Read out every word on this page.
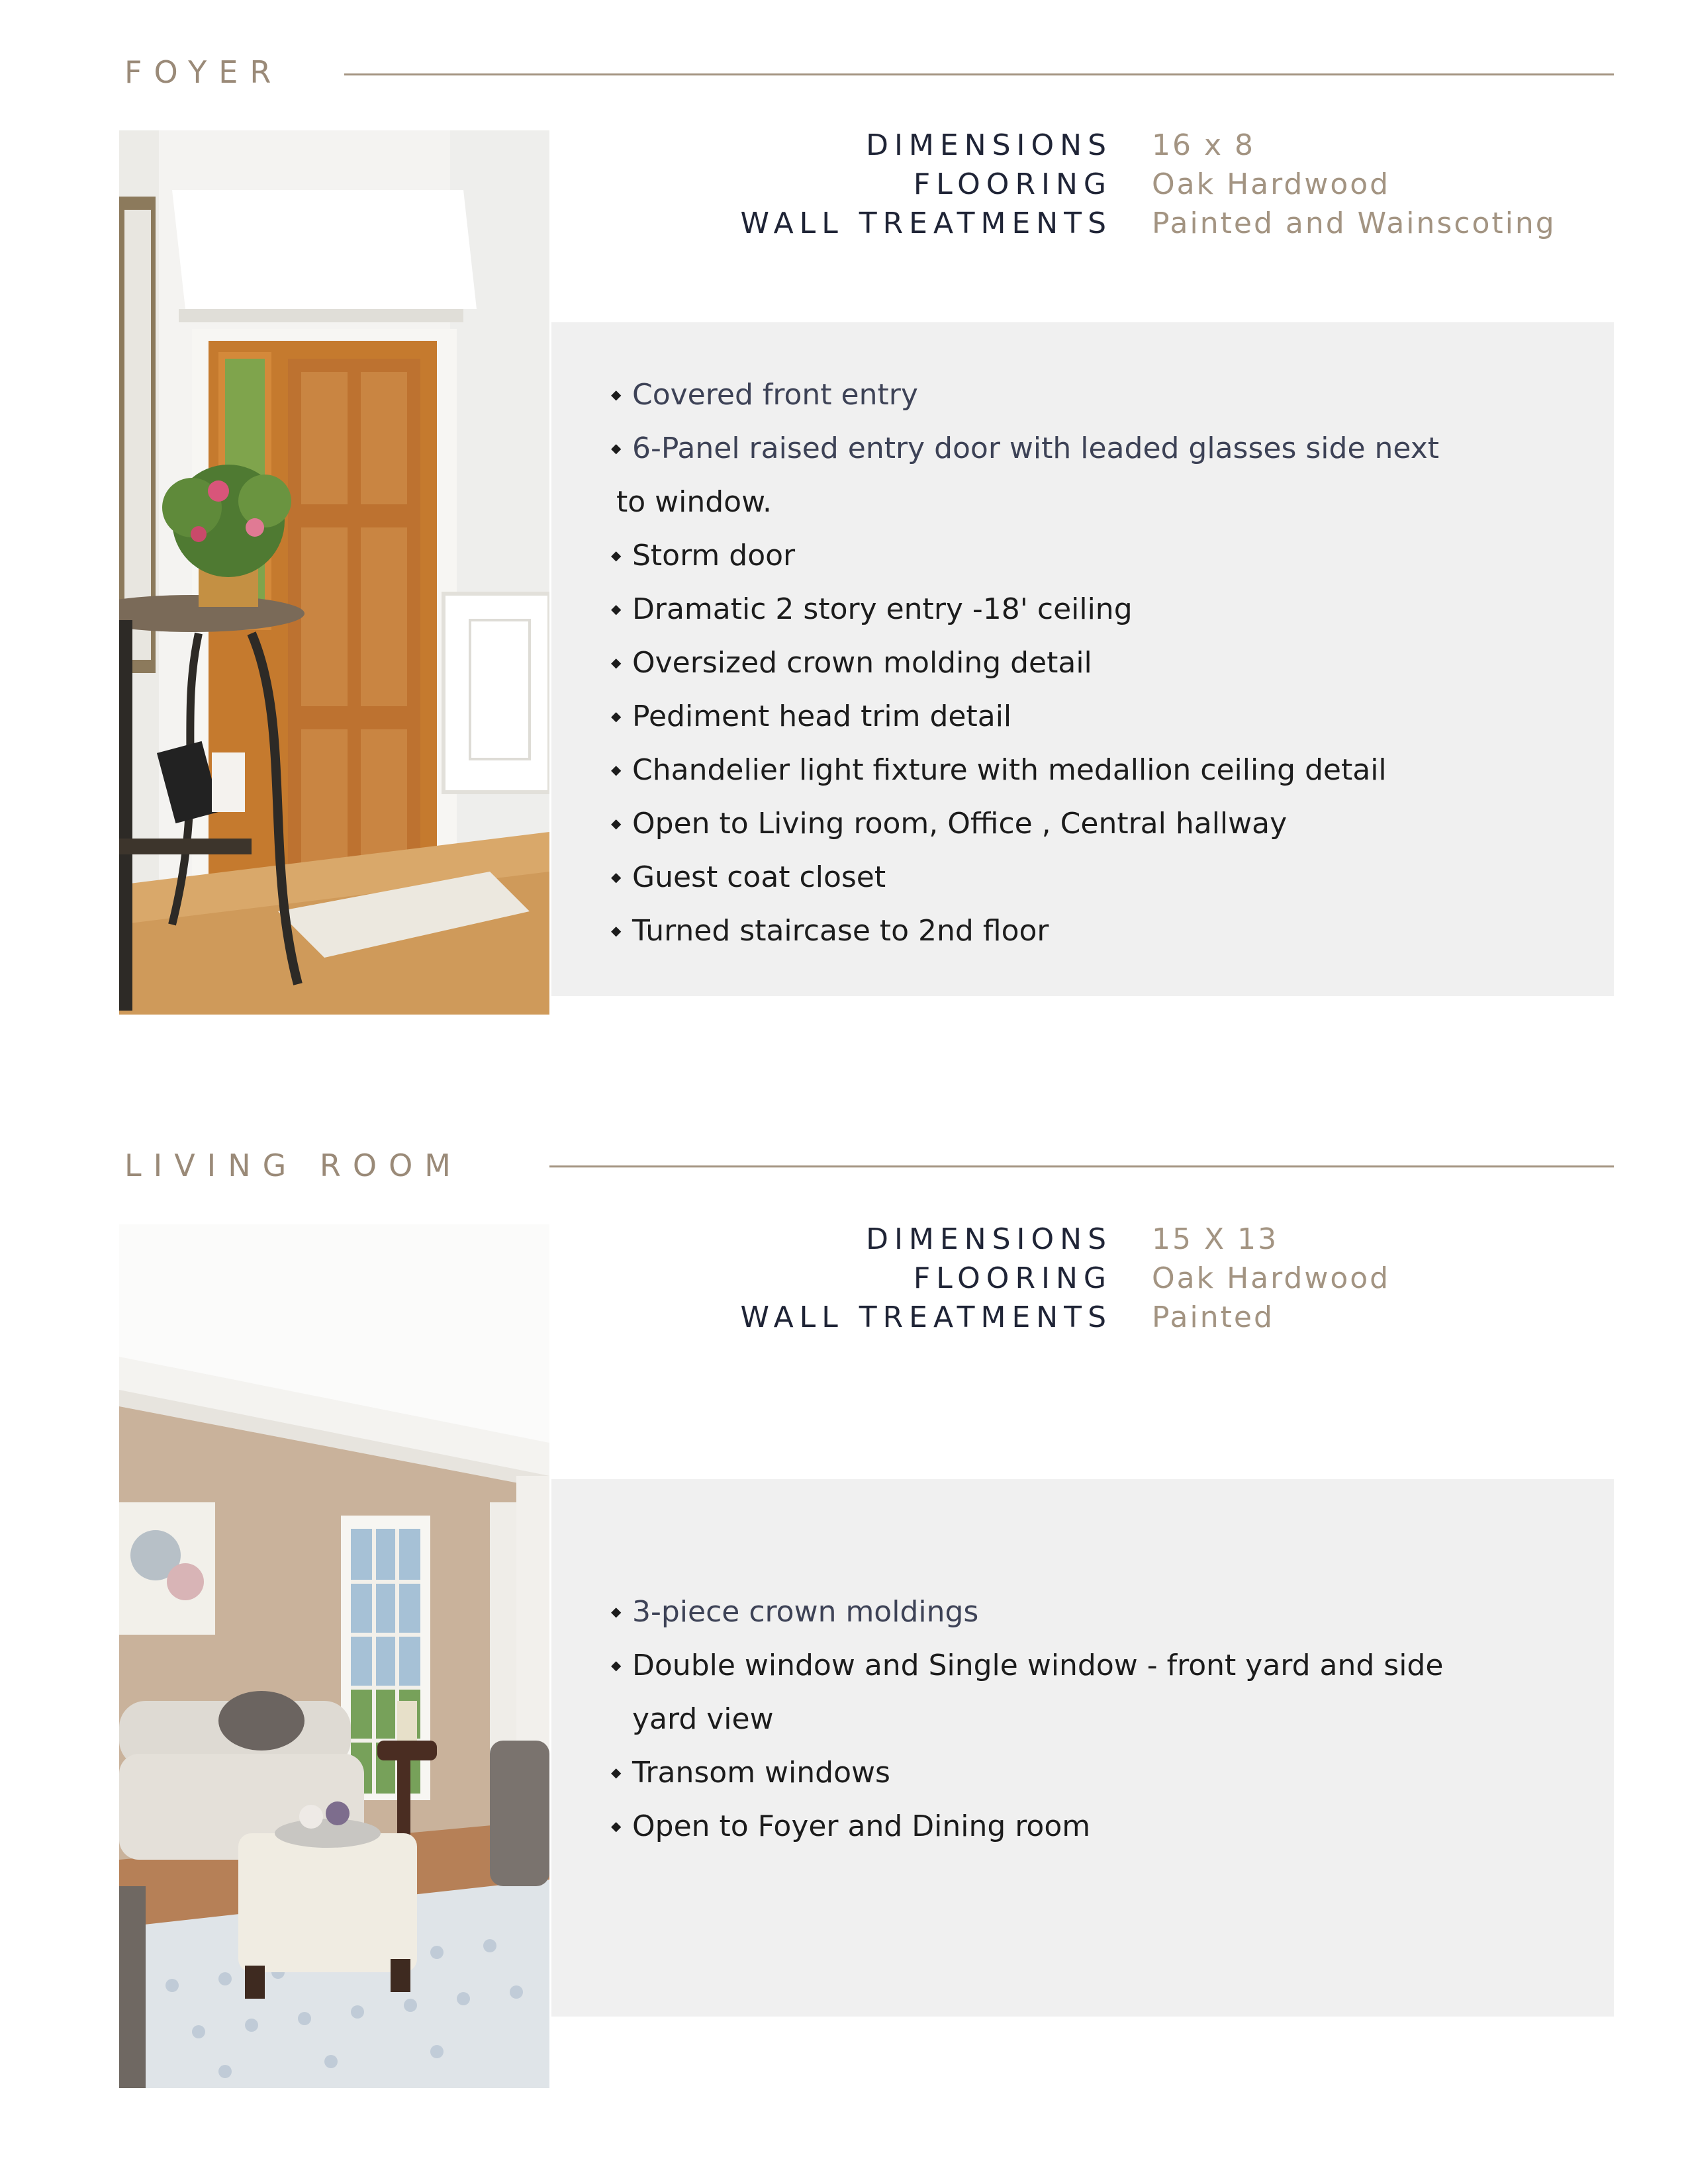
FOYER
DIMENSIONS 16 x 8
FLOORING Oak Hardwood
WALL TREATMENTS Painted and Wainscoting
◆ Covered front entry
◆ 6-Panel raised entry door with leaded glasses side next
to window.
◆ Storm door
◆ Dramatic 2 story entry -18' ceiling
◆ Oversized crown molding detail
◆ Pediment head trim detail
◆ Chandelier light fixture with medallion ceiling detail
◆ Open to Living room, Office , Central hallway
◆ Guest coat closet
◆ Turned staircase to 2nd floor
LIVING ROOM
DIMENSIONS 15 X 13
FLOORING Oak Hardwood
WALL TREATMENTS Painted
◆ 3-piece crown moldings
◆ Double window and Single window - front yard and side
yard view
◆ Transom windows
◆ Open to Foyer and Dining room
